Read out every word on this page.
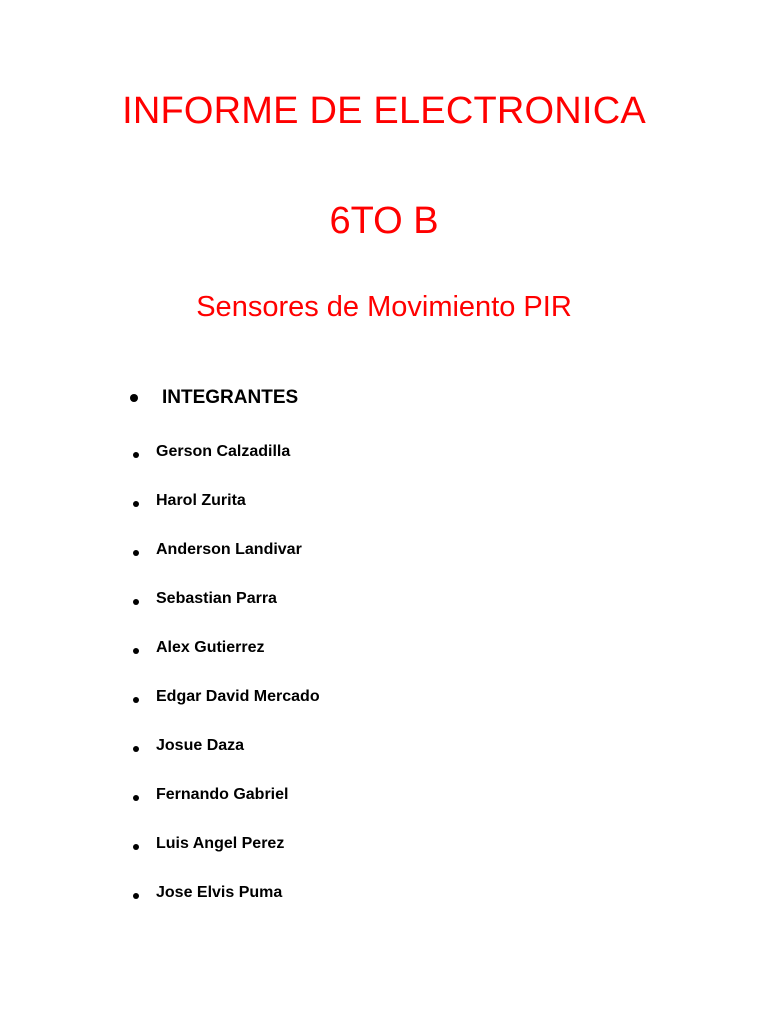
INFORME DE ELECTRONICA
6TO B
Sensores de Movimiento PIR
INTEGRANTES
Gerson Calzadilla
Harol Zurita
Anderson Landivar
Sebastian Parra
Alex Gutierrez
Edgar David Mercado
Josue Daza
Fernando Gabriel
Luis Angel Perez
Jose Elvis Puma
